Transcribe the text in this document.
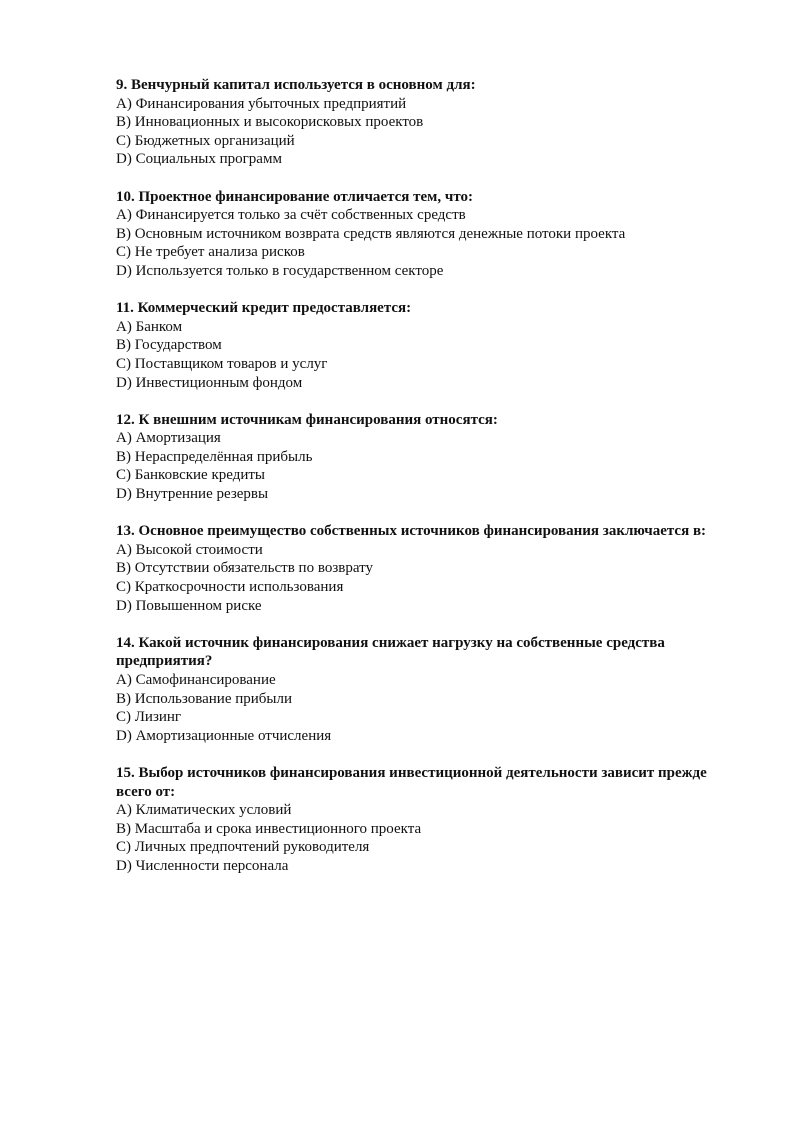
9. Венчурный капитал используется в основном для:

A) Финансирования убыточных предприятий

B) Инновационных и высокорисковых проектов

C) Бюджетных организаций

D) Социальных программ

10. Проектное финансирование отличается тем, что:

A) Финансируется только за счёт собственных средств

B) Основным источником возврата средств являются денежные потоки проекта

C) Не требует анализа рисков

D) Используется только в государственном секторе

11. Коммерческий кредит предоставляется:

A) Банком

B) Государством

C) Поставщиком товаров и услуг

D) Инвестиционным фондом

12. К внешним источникам финансирования относятся:

A) Амортизация

B) Нераспределённая прибыль

C) Банковские кредиты

D) Внутренние резервы

13. Основное преимущество собственных источников финансирования заключается в:

A) Высокой стоимости

B) Отсутствии обязательств по возврату

C) Краткосрочности использования

D) Повышенном риске

14. Какой источник финансирования снижает нагрузку на собственные средства предприятия?

A) Самофинансирование

B) Использование прибыли

C) Лизинг

D) Амортизационные отчисления

15. Выбор источников финансирования инвестиционной деятельности зависит прежде всего от:

A) Климатических условий

B) Масштаба и срока инвестиционного проекта

C) Личных предпочтений руководителя

D) Численности персонала
